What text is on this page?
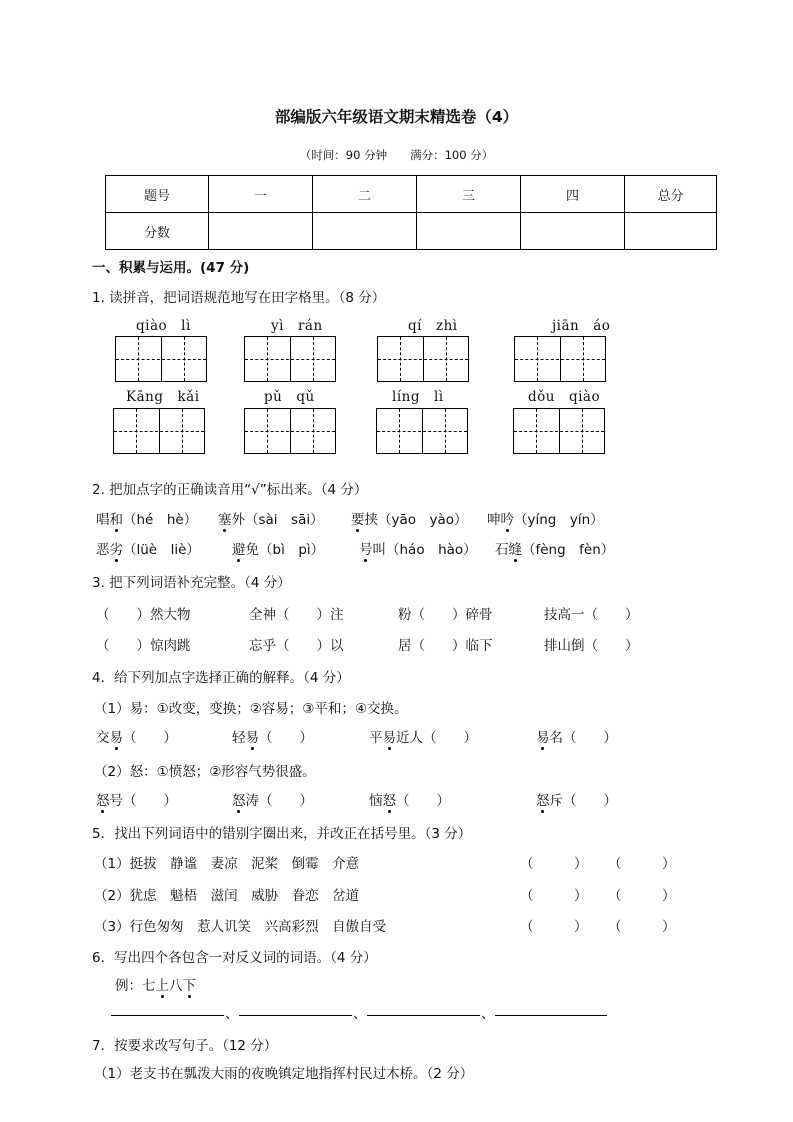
部编版六年级语文期末精选卷（4）
（时间：90 分钟　　满分：100 分）
题号	一	二	三	四	总分
分数					
一、积累与运用。(47 分)
1. 读拼音，把词语规范地写在田字格里。（8 分）
qiào　lì	yì　rán	qí　zhì	jiān　áo
Kāng　kǎi	pǔ　qǔ	líng　lì	dǒu　qiào
2. 把加点字的正确读音用“√”标出来。（4 分）
唱和（hé　hè） 塞外（sài　sāi） 要挟（yāo　yào） 呻吟（yíng　yín）
恶劣（lüè　liè） 避免（bì　pì）	号叫（háo　hào） 石缝（fèng　fèn）
3. 把下列词语补充完整。（4 分）
（　　）然大物	全神（　　）注	粉（　　）碎骨	技高一（　　）
（　　）惊肉跳	忘乎（　　）以	居（　　）临下	排山倒（　　）
4．给下列加点字选择正确的解释。（4 分）
（1）易：①改变，变换；②容易；③平和；④交换。
交易（　　）	轻易（　　）	平易近人（　　）	易名（　　）
（2）怒：①愤怒；②形容气势很盛。
怒号（　　）	怒涛（　　）	恼怒（　　）	怒斥（　　）
5．找出下列词语中的错别字圈出来，并改正在括号里。（3 分）
（1）挺拔　静谧　妻凉　泥桨　倒霉　介意	（　　　） （　　　）
（2）犹虑　魁梧　滋闰　威胁　眷恋　岔道	（　　　） （　　　）
（3）行色匆匆　惹人讥笑　兴高彩烈　自傲自受	（　　　） （　　　）
6．写出四个各包含一对反义词的词语。（4 分）
例：七上八下
、	、	、
7．按要求改写句子。（12 分）
（1）老支书在瓢泼大雨的夜晚镇定地指挥村民过木桥。（2 分）
